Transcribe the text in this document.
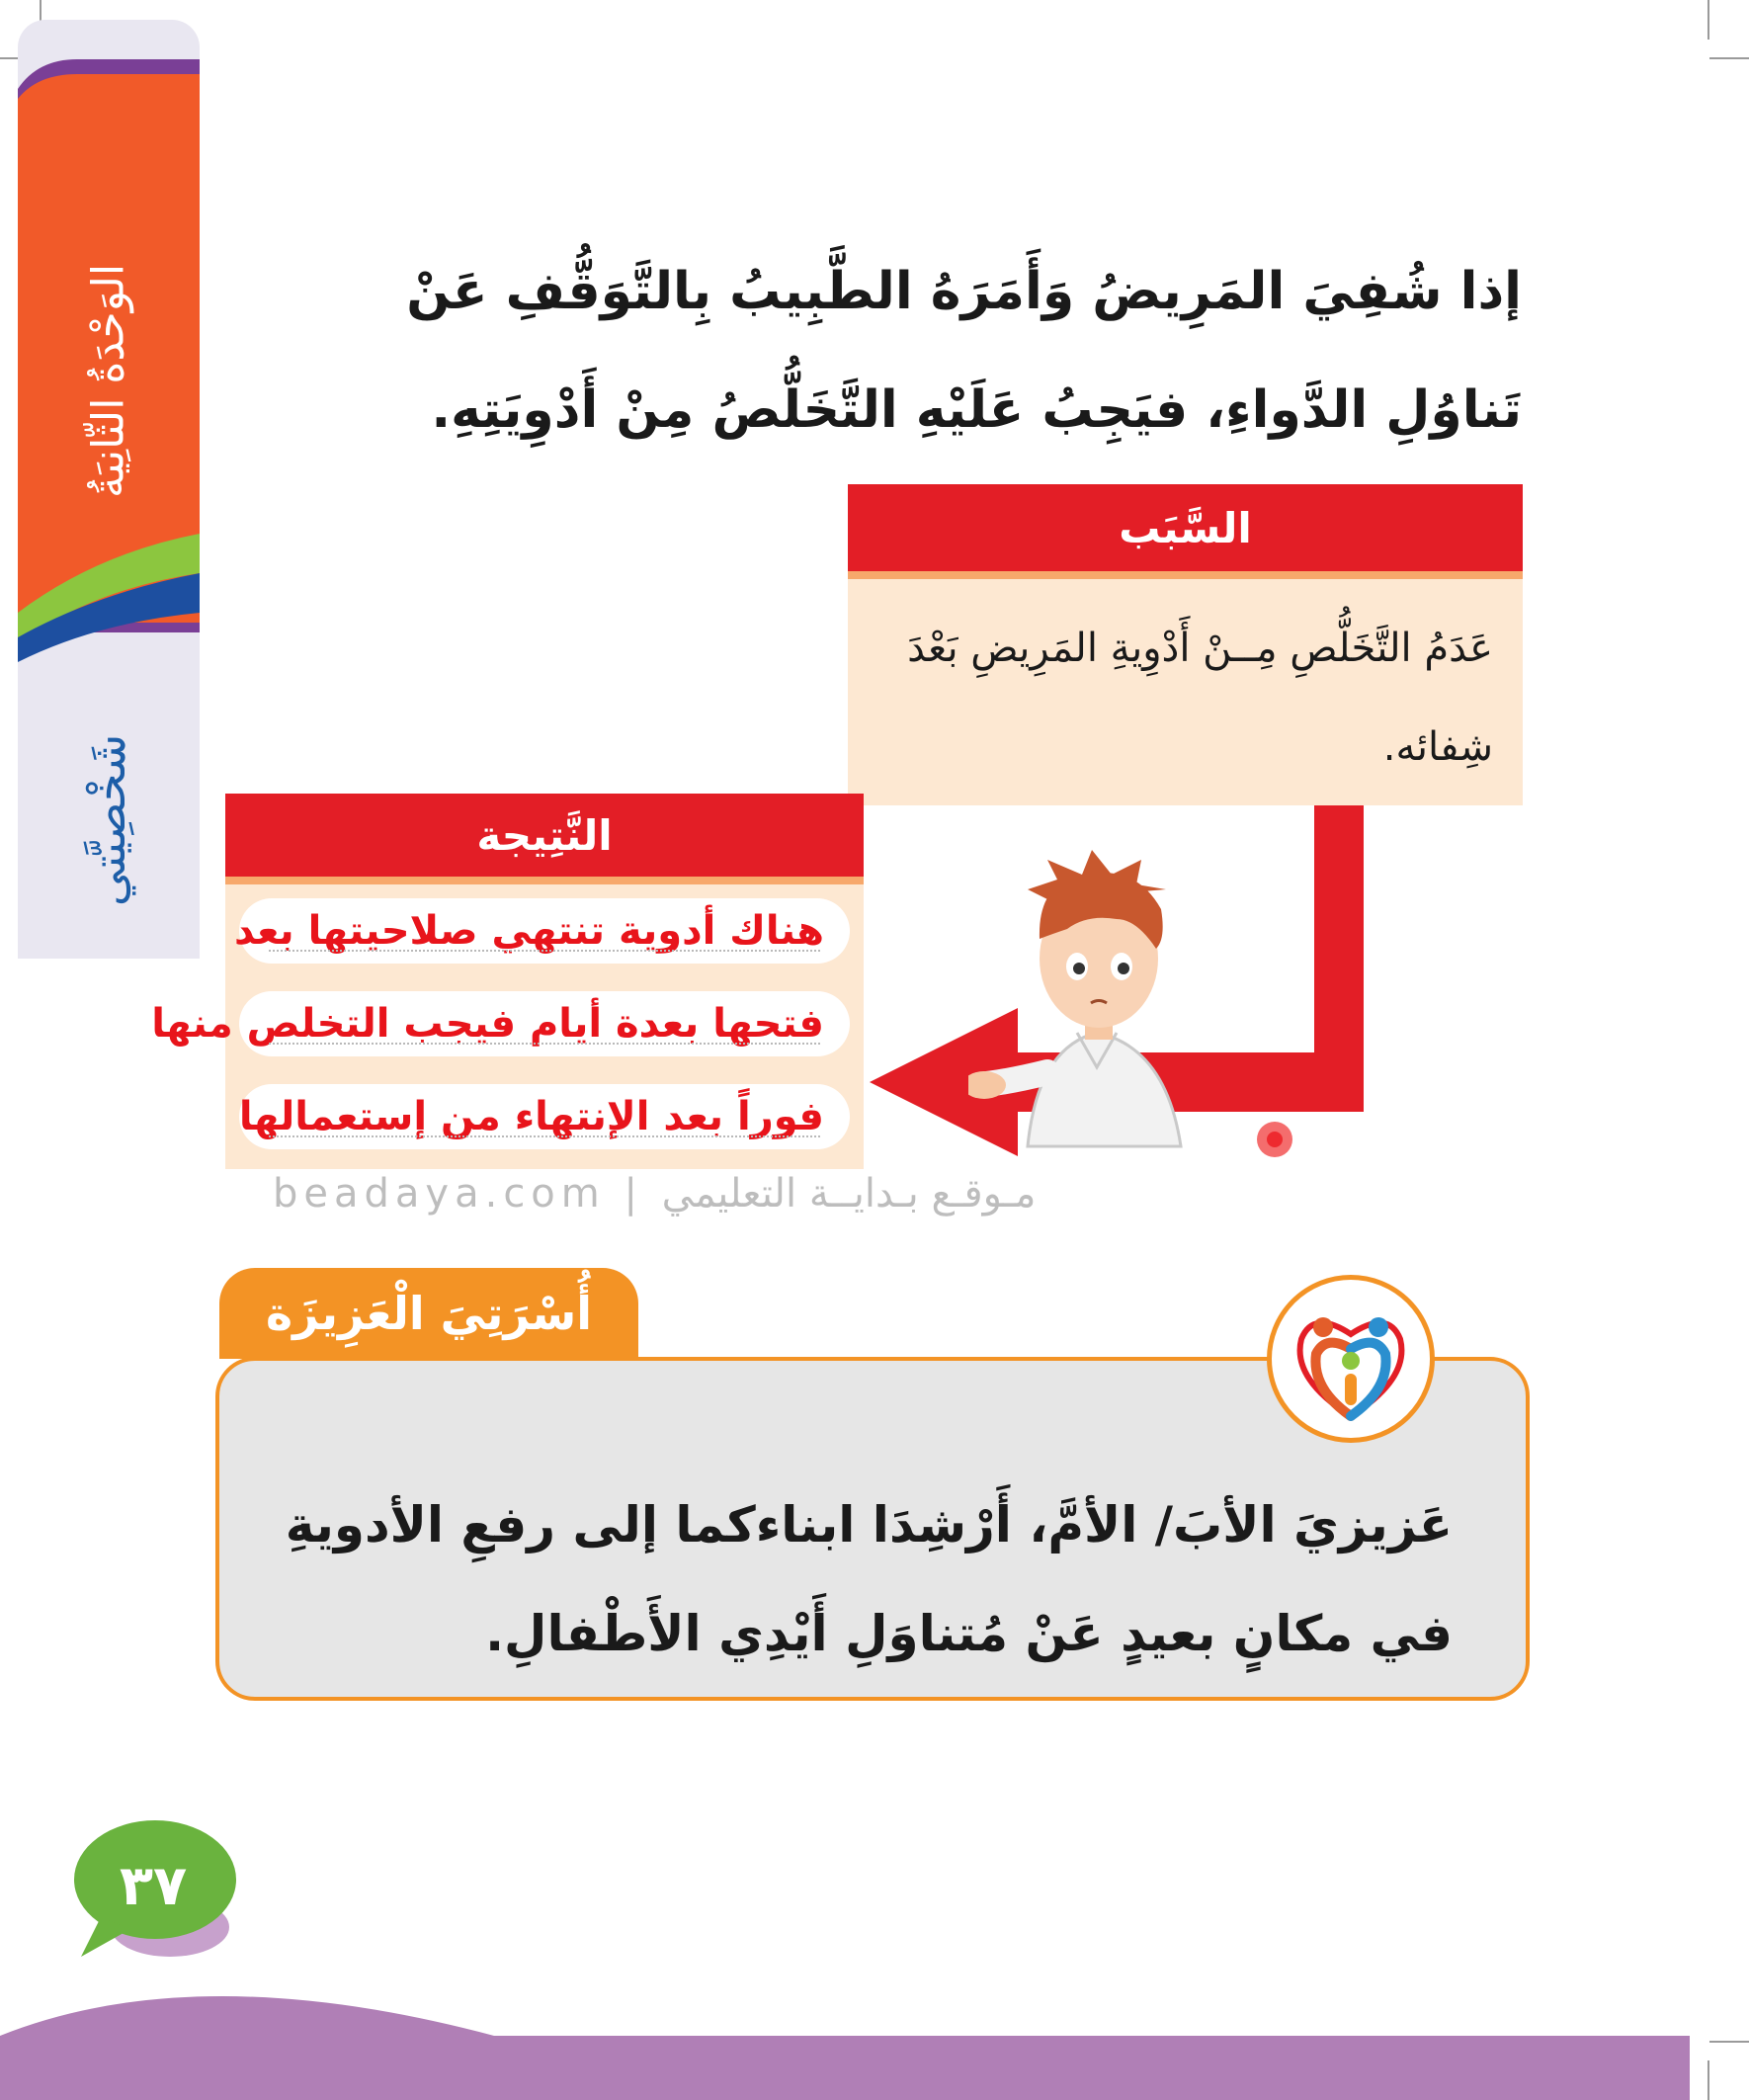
الوَحْدَةُ الثّانِيَةُ
شَخْصِيَّتي
إذا شُفِيَ المَرِيضُ وَأَمَرَهُ الطَّبِيبُ بِالتَّوَقُّفِ عَنْ تَناوُلِ الدَّواءِ، فيَجِبُ عَلَيْهِ التَّخَلُّصُ مِنْ أَدْوِيَتِهِ.
السَّبَب
عَدَمُ التَّخَلُّصِ مِــنْ أَدْوِيةِ المَرِيضِ بَعْدَ شِفائه.
النَّتِيجة
هناك أدوية تنتهي صلاحيتها بعد
فتحها بعدة أيام فيجب التخلص منها
فوراً بعد الإنتهاء من إستعمالها
beadaya.com | مـوقـع بـدايــة التعليمي
أُسْرَتِيَ الْعَزِيزَة
عَزيزيَ الأبَ/ الأمَّ، أَرْشِدَا ابناءكما إلى رفعِ الأدويةِ في مكانٍ بعيدٍ عَنْ مُتناوَلِ أَيْدِي الأَطْفالِ.
٣٧
